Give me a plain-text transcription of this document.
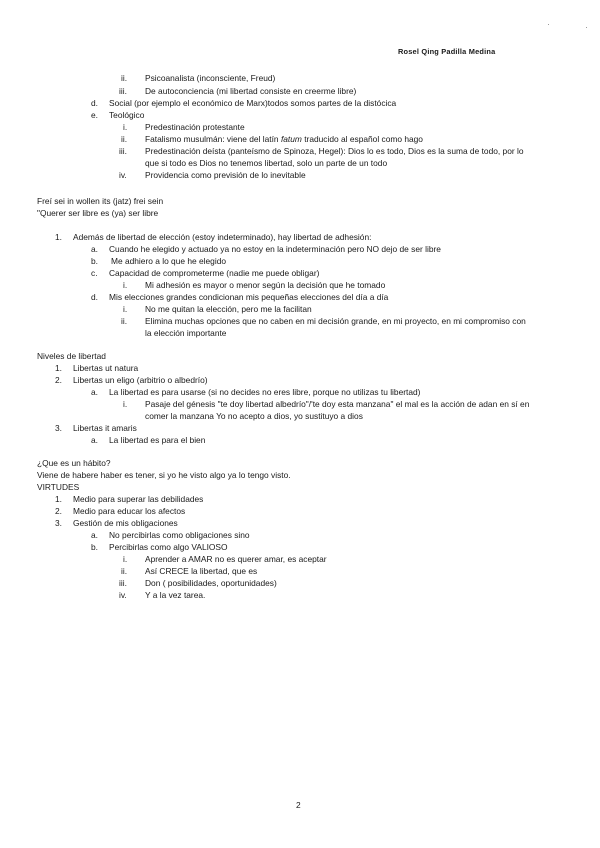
Rosel Qing Padilla Medina
ii. Psicoanalista (inconsciente, Freud)
iii. De autoconciencia (mi libertad consiste en creerme libre)
d. Social (por ejemplo el económico de Marx)todos somos partes de la distócica
e. Teológico
i. Predestinación protestante
ii. Fatalismo musulmán: viene del latín fatum traducido al español como hago
iii. Predestinación deísta (panteísmo de Spinoza, Hegel): Dios lo es todo, Dios es la suma de todo, por lo
que si todo es Dios no tenemos libertad, solo un parte de un todo
iv. Providencia como previsión de lo inevitable
Freí sei in wollen its (jatz) frei sein
"Querer ser libre es (ya) ser libre
1. Además de libertad de elección (estoy indeterminado), hay libertad de adhesión:
a. Cuando he elegido y actuado ya no estoy en la indeterminación pero NO dejo de ser libre
b. Me adhiero a lo que he elegido
c. Capacidad de comprometerme (nadie me puede obligar)
i. Mi adhesión es mayor o menor según la decisión que he tomado
d. Mis elecciones grandes condicionan mis pequeñas elecciones del día a día
i. No me quitan la elección, pero me la facilitan
ii. Elimina muchas opciones que no caben en mi decisión grande, en mi proyecto, en mi compromiso con
la elección importante
Niveles de libertad
1. Libertas ut natura
2. Libertas un eligo (arbitrio o albedrío)
a. La libertad es para usarse (si no decides no eres libre, porque no utilizas tu libertad)
i. Pasaje del génesis "te doy libertad albedrío"/'te doy esta manzana" el mal es la acción de adan en sí en
comer la manzana Yo no acepto a dios, yo sustituyo a dios
3. Libertas it amaris
a. La libertad es para el bien
¿Que es un hábito?
Viene de habere haber es tener, si yo he visto algo ya lo tengo visto.
VIRTUDES
1. Medio para superar las debilidades
2. Medio para educar los afectos
3. Gestión de mis obligaciones
a. No percibirlas como obligaciones sino
b. Percibirlas como algo VALIOSO
i. Aprender a AMAR no es querer amar, es aceptar
ii. Así CRECE la libertad, que es
iii. Don ( posibilidades, oportunidades)
iv. Y a la vez tarea.
2
